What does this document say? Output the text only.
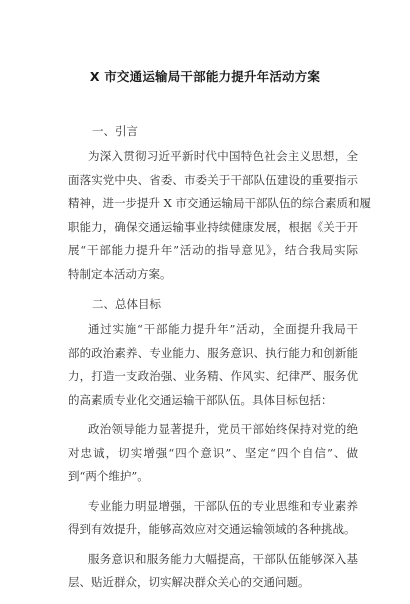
X 市交通运输局干部能力提升年活动方案
一、引言
为深入贯彻习近平新时代中国特色社会主义思想，全
面落实党中央、省委、市委关于干部队伍建设的重要指示
精神，进一步提升 X 市交通运输局干部队伍的综合素质和履
职能力，确保交通运输事业持续健康发展，根据《关于开
展“干部能力提升年”活动的指导意见》，结合我局实际
特制定本活动方案。
二、总体目标
通过实施“干部能力提升年”活动，全面提升我局干
部的政治素养、专业能力、服务意识、执行能力和创新能
力，打造一支政治强、业务精、作风实、纪律严、服务优
的高素质专业化交通运输干部队伍。具体目标包括：
政治领导能力显著提升，党员干部始终保持对党的绝
对忠诚，切实增强“四个意识”、坚定“四个自信”、做
到“两个维护”。
专业能力明显增强，干部队伍的专业思维和专业素养
得到有效提升，能够高效应对交通运输领域的各种挑战。
服务意识和服务能力大幅提高，干部队伍能够深入基
层、贴近群众，切实解决群众关心的交通问题。
